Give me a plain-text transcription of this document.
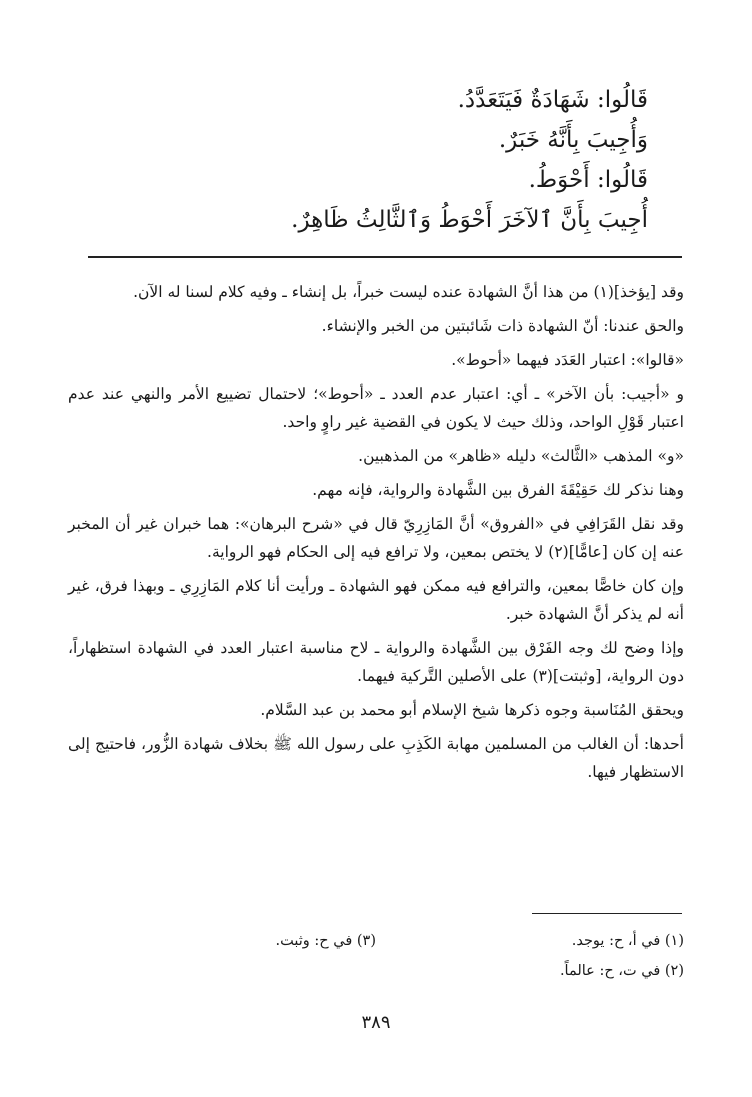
قَالُوا: شَهَادَةٌ فَيَتَعَدَّدُ.
وَأُجِيبَ بِأَنَّهُ خَبَرٌ.
قَالُوا: أَحْوَطُ.
أُجِيبَ بِأَنَّ ٱلآخَرَ أَحْوَطُ وَٱلثَّالِثُ ظَاهِرٌ.

وقد [يؤخذ](١) من هذا أنَّ الشهادة عنده ليست خبراً، بل إنشاء ـ وفيه كلام لسنا له الآن.

والحق عندنا: أنّ الشهادة ذات شَائبتين من الخبر والإنشاء.

«قالوا»: اعتبار العَدَد فيهما «أحوط».

و «أجيب: بأن الآخر» ـ أي: اعتبار عدم العدد ـ «أحوط»؛ لاحتمال تضييع الأمر والنهي عند عدم اعتبار قَوْلِ الواحد، وذلك حيث لا يكون في القضية غير راوٍ واحد.

«و» المذهب «الثَّالث» دليله «ظاهر» من المذهبين.

وهنا نذكر لك حَقِيْقَةَ الفرق بين الشَّهادة والرواية، فإنه مهم.

وقد نقل القَرَافِي في «الفروق» أنَّ المَازِرِيّ قال في «شرح البرهان»: هما خبران غير أن المخبر عنه إن كان [عامًّا](٢) لا يختص بمعين، ولا ترافع فيه إلى الحكام فهو الرواية.

وإن كان خاصًّا بمعين، والترافع فيه ممكن فهو الشهادة ـ ورأيت أنا كلام المَازِرِي ـ وبهذا فرق، غير أنه لم يذكر أنَّ الشهادة خبر.

وإذا وضح لك وجه الفَرْق بين الشَّهادة والرواية ـ لاح مناسبة اعتبار العدد في الشهادة استظهاراً، دون الرواية، [وثبتت](٣) على الأصلين التَّركية فيهما.

ويحقق المُنَاسبة وجوه ذكرها شيخ الإسلام أبو محمد بن عبد السَّلام.

أحدها: أن الغالب من المسلمين مهابة الكَذِبِ على رسول الله ﷺ بخلاف شهادة الزُّور، فاحتيج إلى الاستظهار فيها.

(١) في أ، ح: يوجد.
(٣) في ح: وثبت.
(٢) في ت، ح: عالماً.
٣٨٩
